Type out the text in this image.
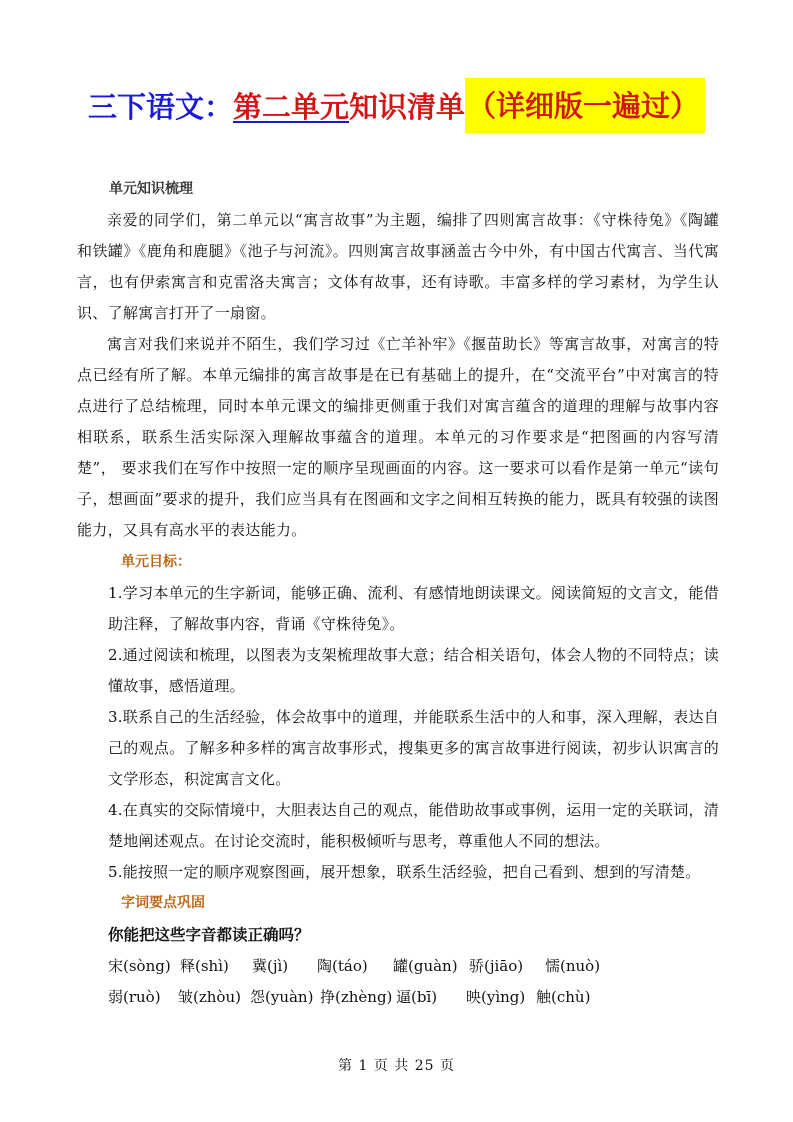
三下语文： 第二单元 知识清单 （详细版一遍过）
单元知识梳理
亲爱的同学们，第二单元以“寓言故事”为主题，编排了四则寓言故事：《守株待兔》《陶罐和铁罐》《鹿角和鹿腿》《池子与河流》。四则寓言故事涵盖古今中外，有中国古代寓言、当代寓言，也有伊索寓言和克雷洛夫寓言；文体有故事，还有诗歌。丰富多样的学习素材，为学生认识、了解寓言打开了一扇窗。
寓言对我们来说并不陌生，我们学习过《亡羊补牢》《揠苗助长》等寓言故事，对寓言的特点已经有所了解。本单元编排的寓言故事是在已有基础上的提升，在“交流平台”中对寓言的特点进行了总结梳理，同时本单元课文的编排更侧重于我们对寓言蕴含的道理的理解与故事内容相联系，联系生活实际深入理解故事蕴含的道理。本单元的习作要求是“把图画的内容写清楚”， 要求我们在写作中按照一定的顺序呈现画面的内容。这一要求可以看作是第一单元“读句子，想画面”要求的提升，我们应当具有在图画和文字之间相互转换的能力，既具有较强的读图能力，又具有高水平的表达能力。
单元目标：
1.学习本单元的生字新词，能够正确、流利、有感情地朗读课文。阅读简短的文言文，能借助注释，了解故事内容，背诵《守株待兔》。
2.通过阅读和梳理，以图表为支架梳理故事大意；结合相关语句，体会人物的不同特点；读懂故事，感悟道理。
3.联系自己的生活经验，体会故事中的道理，并能联系生活中的人和事，深入理解，表达自己的观点。了解多种多样的寓言故事形式，搜集更多的寓言故事进行阅读，初步认识寓言的文学形态，积淀寓言文化。
4.在真实的交际情境中，大胆表达自己的观点，能借助故事或事例，运用一定的关联词，清楚地阐述观点。在讨论交流时，能积极倾听与思考，尊重他人不同的想法。
5.能按照一定的顺序观察图画，展开想象，联系生活经验，把自己看到、想到的写清楚。
字词要点巩固
你能把这些字音都读正确吗？
宋(sòng) 释(shì)	冀(jì)	陶(táo)	罐(guàn) 骄(jiāo)	懦(nuò)
弱(ruò)	皱(zhòu) 怨(yuàn) 挣(zhèng) 逼(bī)	映(yìng) 触(chù)
第 1 页 共 25 页
